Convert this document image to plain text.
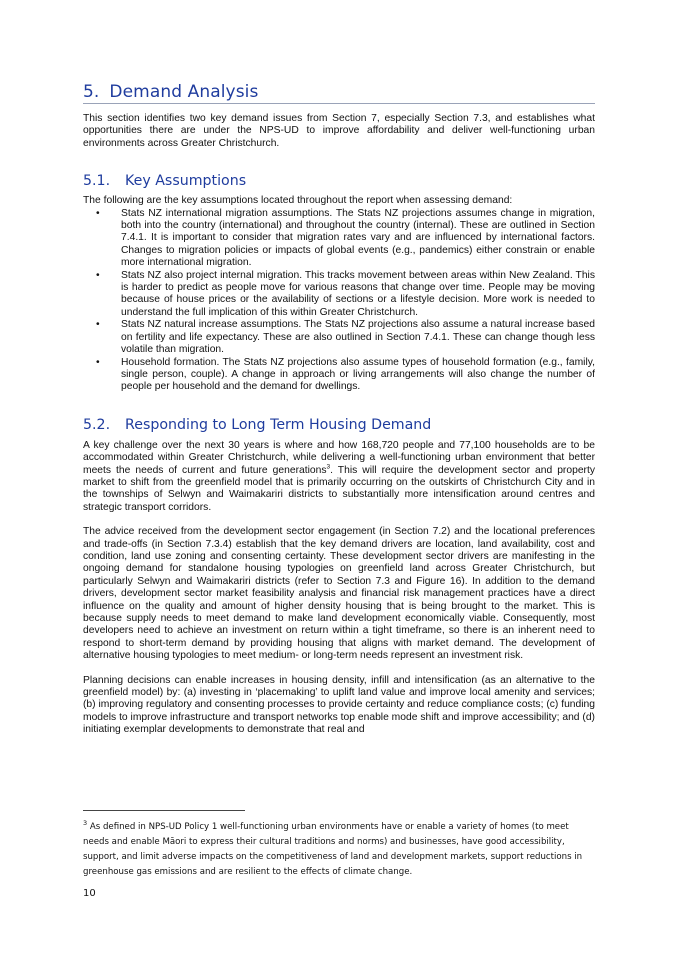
5. Demand Analysis

This section identifies two key demand issues from Section 7, especially Section 7.3, and establishes what opportunities there are under the NPS-UD to improve affordability and deliver well-functioning urban environments across Greater Christchurch.

5.1. Key Assumptions

The following are the key assumptions located throughout the report when assessing demand:

• Stats NZ international migration assumptions. The Stats NZ projections assumes change in migration, both into the country (international) and throughout the country (internal). These are outlined in Section 7.4.1. It is important to consider that migration rates vary and are influenced by international factors. Changes to migration policies or impacts of global events (e.g., pandemics) either constrain or enable more international migration.
• Stats NZ also project internal migration. This tracks movement between areas within New Zealand. This is harder to predict as people move for various reasons that change over time. People may be moving because of house prices or the availability of sections or a lifestyle decision. More work is needed to understand the full implication of this within Greater Christchurch.
• Stats NZ natural increase assumptions. The Stats NZ projections also assume a natural increase based on fertility and life expectancy. These are also outlined in Section 7.4.1. These can change though less volatile than migration.
• Household formation. The Stats NZ projections also assume types of household formation (e.g., family, single person, couple). A change in approach or living arrangements will also change the number of people per household and the demand for dwellings.
5.2. Responding to Long Term Housing Demand

A key challenge over the next 30 years is where and how 168,720 people and 77,100 households are to be accommodated within Greater Christchurch, while delivering a well-functioning urban environment that better meets the needs of current and future generations$^3$. This will require the development sector and property market to shift from the greenfield model that is primarily occurring on the outskirts of Christchurch City and in the townships of Selwyn and Waimakariri districts to substantially more intensification around centres and strategic transport corridors.

The advice received from the development sector engagement (in Section 7.2) and the locational preferences and trade-offs (in Section 7.3.4) establish that the key demand drivers are location, land availability, cost and condition, land use zoning and consenting certainty. These development sector drivers are manifesting in the ongoing demand for standalone housing typologies on greenfield land across Greater Christchurch, but particularly Selwyn and Waimakariri districts (refer to Section 7.3 and Figure 16). In addition to the demand drivers, development sector market feasibility analysis and financial risk management practices have a direct influence on the quality and amount of higher density housing that is being brought to the market. This is because supply needs to meet demand to make land development economically viable. Consequently, most developers need to achieve an investment on return within a tight timeframe, so there is an inherent need to respond to short-term demand by providing housing that aligns with market demand. The development of alternative housing typologies to meet medium- or long-term needs represent an investment risk.

Planning decisions can enable increases in housing density, infill and intensification (as an alternative to the greenfield model) by: (a) investing in ‘placemaking’ to uplift land value and improve local amenity and services; (b) improving regulatory and consenting processes to provide certainty and reduce compliance costs; (c) funding models to improve infrastructure and transport networks top enable mode shift and improve accessibility; and (d) initiating exemplar developments to demonstrate that real and

$^3$ As defined in NPS-UD Policy 1 well-functioning urban environments have or enable a variety of homes (to meet needs and enable Māori to express their cultural traditions and norms) and businesses, have good accessibility, support, and limit adverse impacts on the competitiveness of land and development markets, support reductions in greenhouse gas emissions and are resilient to the effects of climate change.
10
